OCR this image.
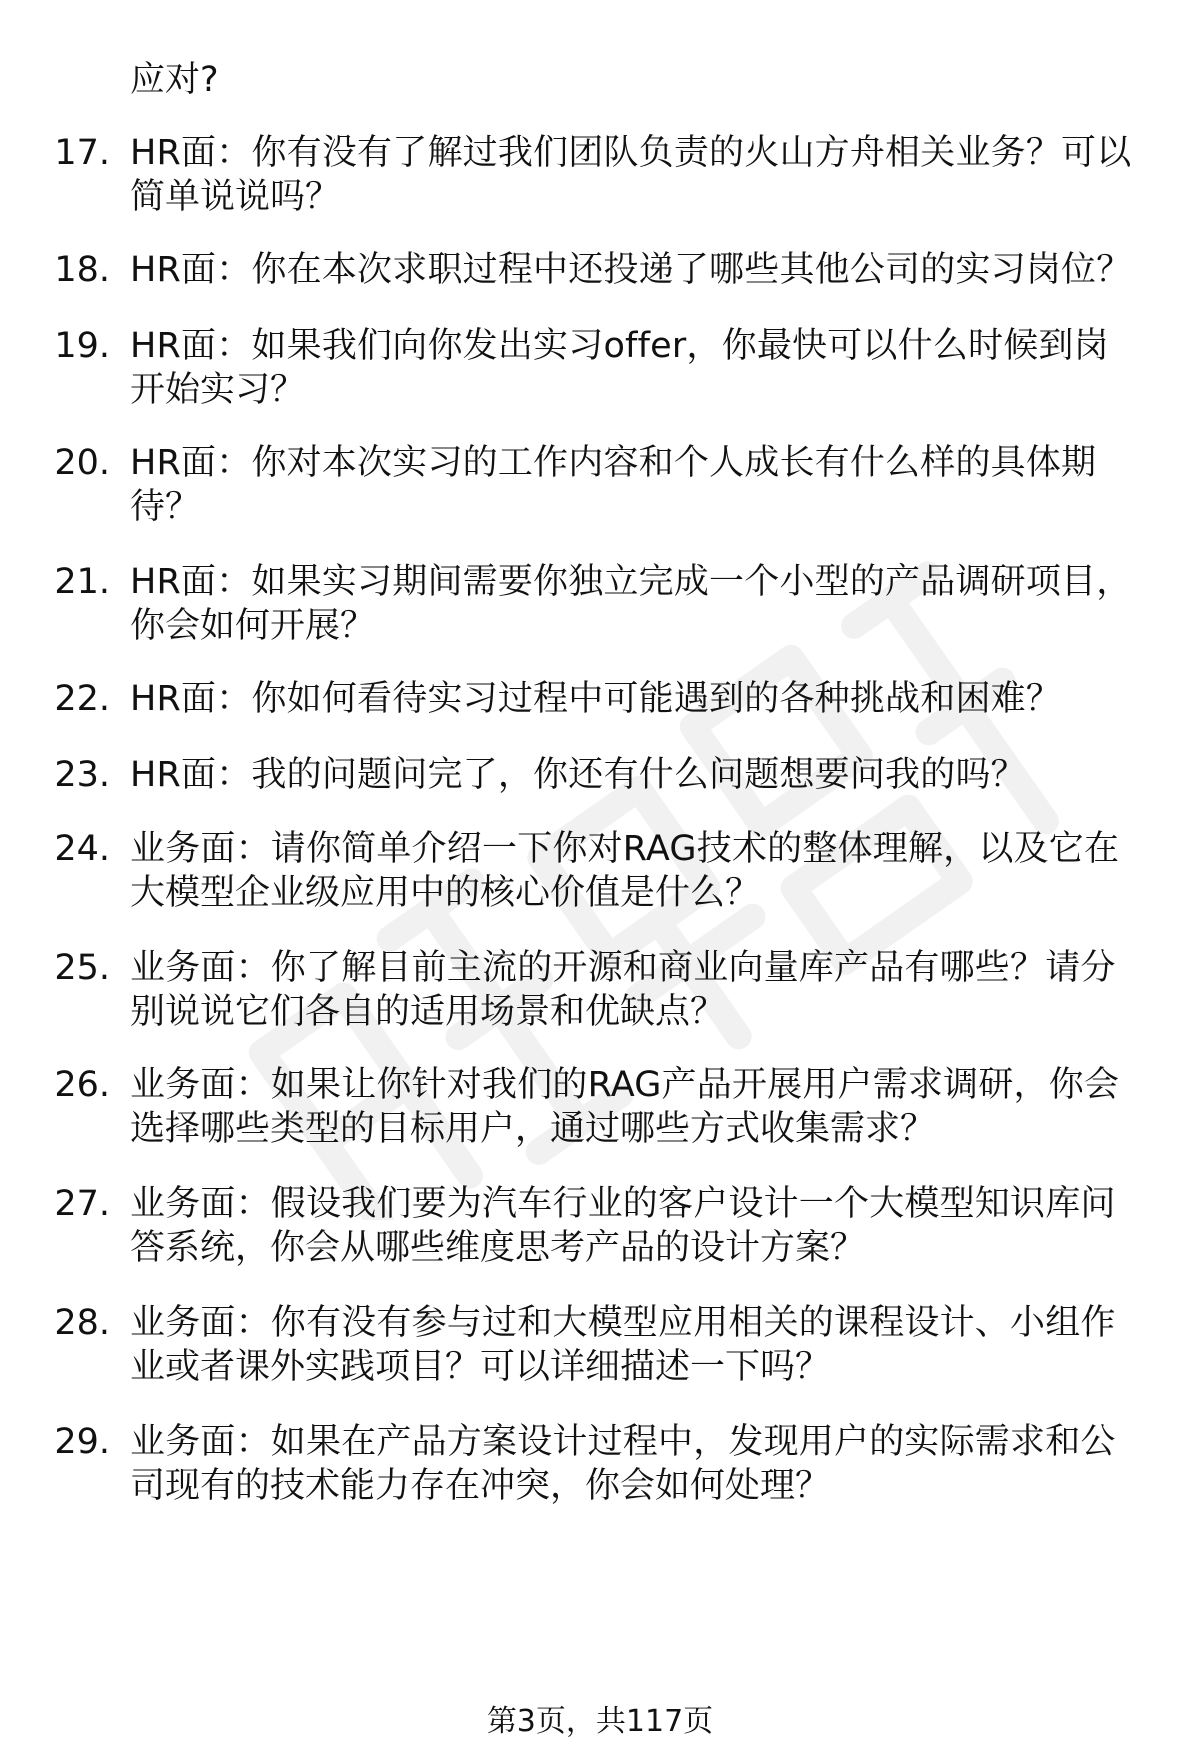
应对?
17. HR面：你有没有了解过我们团队负责的火山方舟相关业务？可以
简单说说吗？
18. HR面：你在本次求职过程中还投递了哪些其他公司的实习岗位？
19. HR面：如果我们向你发出实习offer，你最快可以什么时候到岗
开始实习？
20. HR面：你对本次实习的工作内容和个人成长有什么样的具体期
待？
21. HR面：如果实习期间需要你独立完成一个小型的产品调研项目，
你会如何开展？
22. HR面：你如何看待实习过程中可能遇到的各种挑战和困难？
23. HR面：我的问题问完了，你还有什么问题想要问我的吗？
24. 业务面：请你简单介绍一下你对RAG技术的整体理解，以及它在
大模型企业级应用中的核心价值是什么？
25. 业务面：你了解目前主流的开源和商业向量库产品有哪些？请分
别说说它们各自的适用场景和优缺点？
26. 业务面：如果让你针对我们的RAG产品开展用户需求调研，你会
选择哪些类型的目标用户，通过哪些方式收集需求？
27. 业务面：假设我们要为汽车行业的客户设计一个大模型知识库问
答系统，你会从哪些维度思考产品的设计方案？
28. 业务面：你有没有参与过和大模型应用相关的课程设计、小组作
业或者课外实践项目？可以详细描述一下吗？
29. 业务面：如果在产品方案设计过程中，发现用户的实际需求和公
司现有的技术能力存在冲突，你会如何处理？
第3页，共117页
